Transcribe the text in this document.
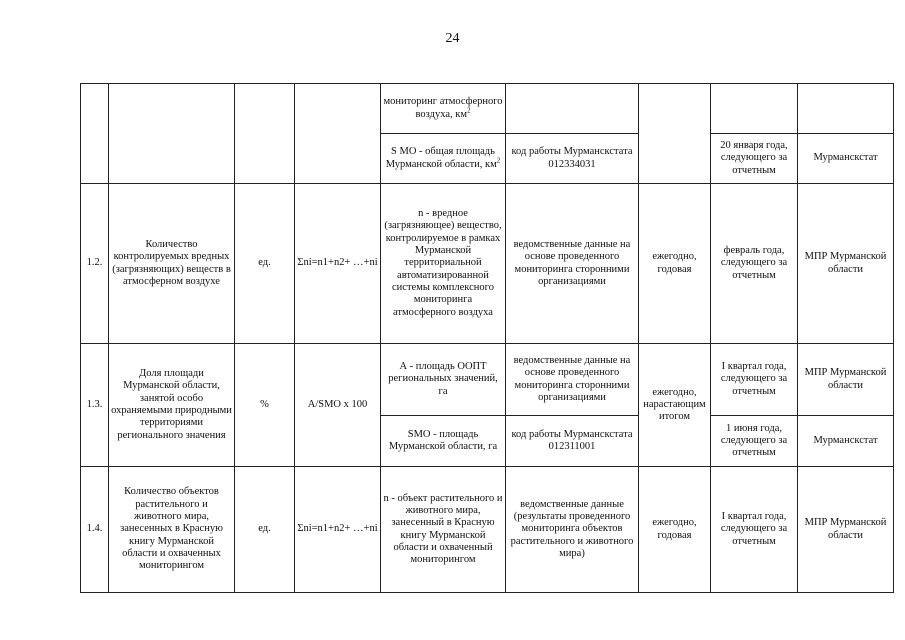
24
				мониторинг атмосферного воздуха, $км^2$				
				S МО - общая площадь Мурманской области, $км^2$	код работы Мурманскстата 012334031		20 января года, следующего за отчетным	Мурманскстат
1.2.	Количество контролируемых вредных (загрязняющих) веществ в атмосферном воздухе	ед.	Σni=n1+n2+ …+ni	n - вредное (загрязняющее) вещество, контролируемое в рамках Мурманской территориальной автоматизированной системы комплексного мониторинга атмосферного воздуха	ведомственные данные на основе проведенного мониторинга сторонними организациями	ежегодно, годовая	февраль года, следующего за отчетным	МПР Мурманской области
1.3.	Доля площади Мурманской области, занятой особо охраняемыми природными территориями регионального значения	%	A/SMO x 100	А - площадь ООПТ региональных значений, га	ведомственные данные на основе проведенного мониторинга сторонними организациями	ежегодно, нарастающим итогом	I квартал года, следующего за отчетным	МПР Мурманской области
				SMO - площадь Мурманской области, га	код работы Мурманскстата 012311001		1 июня года, следующего за отчетным	Мурманскстат
1.4.	Количество объектов растительного и животного мира, занесенных в Красную книгу Мурманской области и охваченных мониторингом	ед.	Σni=n1+n2+ …+ni	n - объект растительного и животного мира, занесенный в Красную книгу Мурманской области и охваченный мониторингом	ведомственные данные (результаты проведенного мониторинга объектов растительного и животного мира)	ежегодно, годовая	I квартал года, следующего за отчетным	МПР Мурманской области
